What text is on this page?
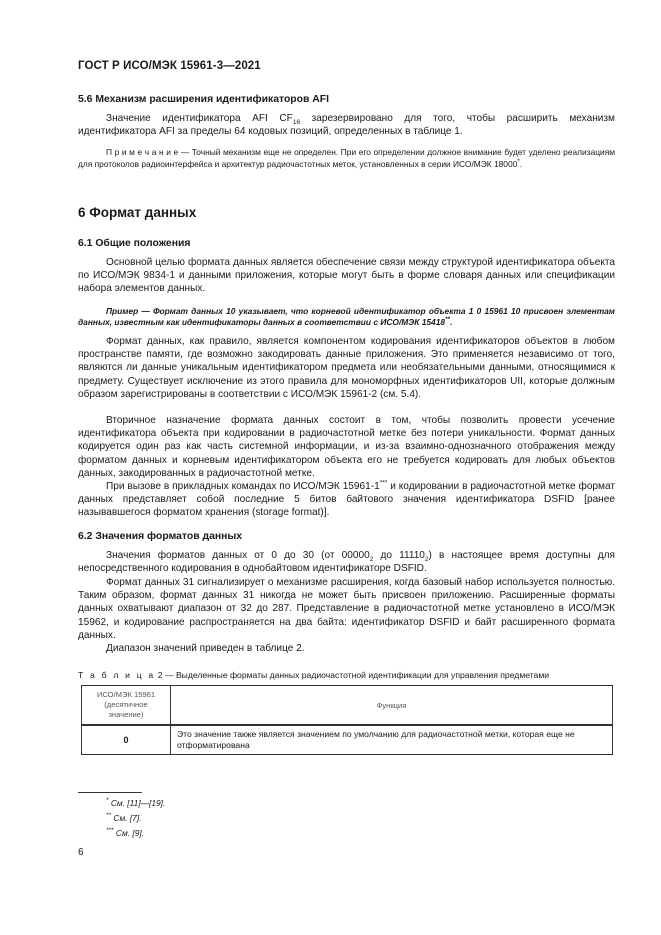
ГОСТ Р ИСО/МЭК 15961-3—2021
5.6 Механизм расширения идентификаторов AFI
Значение идентификатора AFI $CF_{16}$ зарезервировано для того, чтобы расширить механизм идентификатора AFI за пределы 64 кодовых позиций, определенных в таблице 1.
П р и м е ч а н и е — Точный механизм еще не определен. При его определении должное внимание будет уделено реализациям для протоколов радиоинтерфейса и архитектур радиочастотных меток, установленных в серии ИСО/МЭК 18000*.
6 Формат данных
6.1 Общие положения
Основной целью формата данных является обеспечение связи между структурой идентификатора объекта по ИСО/МЭК 9834-1 и данными приложения, которые могут быть в форме словаря данных или спецификации набора элементов данных.
Пример — Формат данных 10 указывает, что корневой идентификатор объекта 1 0 15961 10 присвоен элементам данных, известным как идентификаторы данных в соответствии с ИСО/МЭК 15418**.
Формат данных, как правило, является компонентом кодирования идентификаторов объектов в любом пространстве памяти, где возможно закодировать данные приложения. Это применяется независимо от того, являются ли данные уникальным идентификатором предмета или необязательными данными, относящимися к предмету. Существует исключение из этого правила для мономорфных идентификаторов UII, которые должным образом зарегистрированы в соответствии с ИСО/МЭК 15961-2 (см. 5.4).
Вторичное назначение формата данных состоит в том, чтобы позволить провести усечение идентификатора объекта при кодировании в радиочастотной метке без потери уникальности. Формат данных кодируется один раз как часть системной информации, и из-за взаимно-однозначного отображения между форматом данных и корневым идентификатором объекта его не требуется кодировать для любых объектов данных, закодированных в радиочастотной метке.
При вызове в прикладных командах по ИСО/МЭК 15961-1*** и кодировании в радиочастотной метке формат данных представляет собой последние 5 битов байтового значения идентификатора DSFID [ранее называвшегося форматом хранения (storage format)].
6.2 Значения форматов данных
Значения форматов данных от 0 до 30 (от $00000_2$ до $11110_2$) в настоящее время доступны для непосредственного кодирования в однобайтовом идентификаторе DSFID.
Формат данных 31 сигнализирует о механизме расширения, когда базовый набор используется полностью. Таким образом, формат данных 31 никогда не может быть присвоен приложению. Расширенные форматы данных охватывают диапазон от 32 до 287. Представление в радиочастотной метке установлено в ИСО/МЭК 15962, и кодирование распространяется на два байта: идентификатор DSFID и байт расширенного формата данных.
Диапазон значений приведен в таблице 2.
Т а б л и ц а 2 — Выделенные форматы данных радиочастотной идентификации для управления предметами
ИСО/МЭК 15961
(десятичное
значение)	Функция
0	Это значение также является значением по умолчанию для радиочастотной метки, которая еще не отформатирована
* См. [11]—[19].
** См. [7].
*** См. [9].
6
